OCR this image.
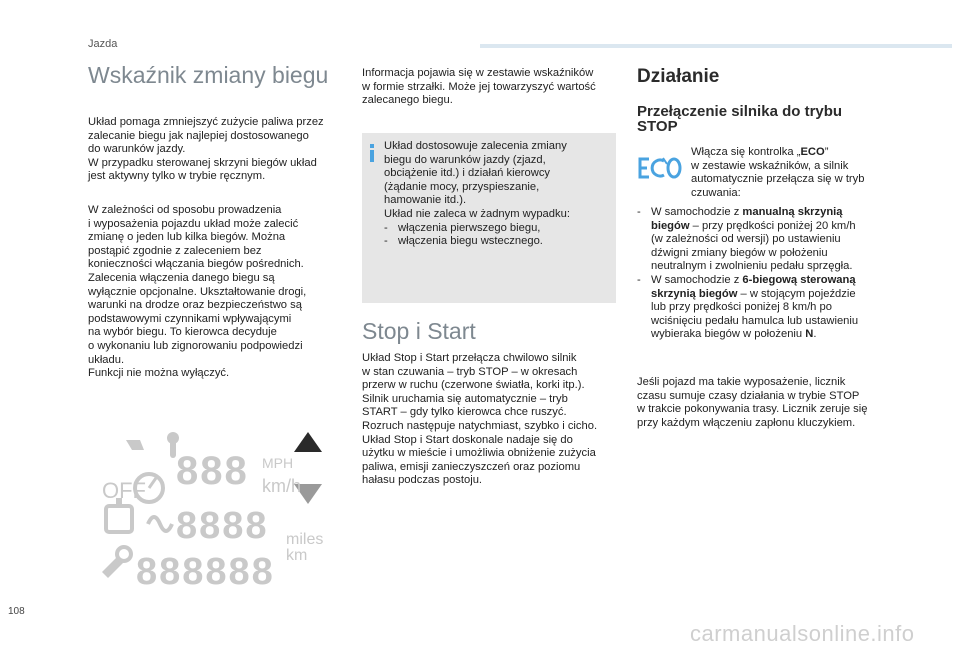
Jazda
Wskaźnik zmiany biegu

Układ pomaga zmniejszyć zużycie paliwa przez
zalecanie biegu jak najlepiej dostosowanego
do warunków jazdy.
W przypadku sterowanej skrzyni biegów układ
jest aktywny tylko w trybie ręcznym.

W zależności od sposobu prowadzenia
i wyposażenia pojazdu układ może zalecić
zmianę o jeden lub kilka biegów. Można
postąpić zgodnie z zaleceniem bez
konieczności włączania biegów pośrednich.
Zalecenia włączenia danego biegu są
wyłącznie opcjonalne. Ukształtowanie drogi,
warunki na drodze oraz bezpieczeństwo są
podstawowymi czynnikami wpływającymi
na wybór biegu. To kierowca decyduje
o wykonaniu lub zignorowaniu podpowiedzi
układu.
Funkcji nie można wyłączyć.

OFF 888 MPH
km/h
8888 miles
km
888888

Informacja pojawia się w zestawie wskaźników
w formie strzałki. Może jej towarzyszyć wartość
zalecanego biegu.

Układ dostosowuje zalecenia zmiany
biegu do warunków jazdy (zjazd,
obciążenie itd.) i działań kierowcy
(żądanie mocy, przyspieszanie,
hamowanie itd.).
Układ nie zaleca w żadnym wypadku:
- włączenia pierwszego biegu,
- włączenia biegu wstecznego.
Stop i Start

Układ Stop i Start przełącza chwilowo silnik
w stan czuwania – tryb STOP – w okresach
przerw w ruchu (czerwone światła, korki itp.).
Silnik uruchamia się automatycznie – tryb
START – gdy tylko kierowca chce ruszyć.
Rozruch następuje natychmiast, szybko i cicho.
Układ Stop i Start doskonale nadaje się do
użytku w mieście i umożliwia obniżenie zużycia
paliwa, emisji zanieczyszczeń oraz poziomu
hałasu podczas postoju.

Działanie
Przełączenie silnika do trybu
STOP
Włącza się kontrolka „ECO”
w zestawie wskaźników, a silnik
automatycznie przełącza się w tryb
czuwania:
- W samochodzie z manualną skrzynią
biegów – przy prędkości poniżej 20 km/h
(w zależności od wersji) po ustawieniu
dźwigni zmiany biegów w położeniu
neutralnym i zwolnieniu pedału sprzęgła.
- W samochodzie z 6-biegową sterowaną
skrzynią biegów – w stojącym pojeździe
lub przy prędkości poniżej 8 km/h po
wciśnięciu pedału hamulca lub ustawieniu
wybieraka biegów w położeniu N.
Jeśli pojazd ma takie wyposażenie, licznik
czasu sumuje czasy działania w trybie STOP
w trakcie pokonywania trasy. Licznik zeruje się
przy każdym włączeniu zapłonu kluczykiem.
108
carmanualsonline.info
